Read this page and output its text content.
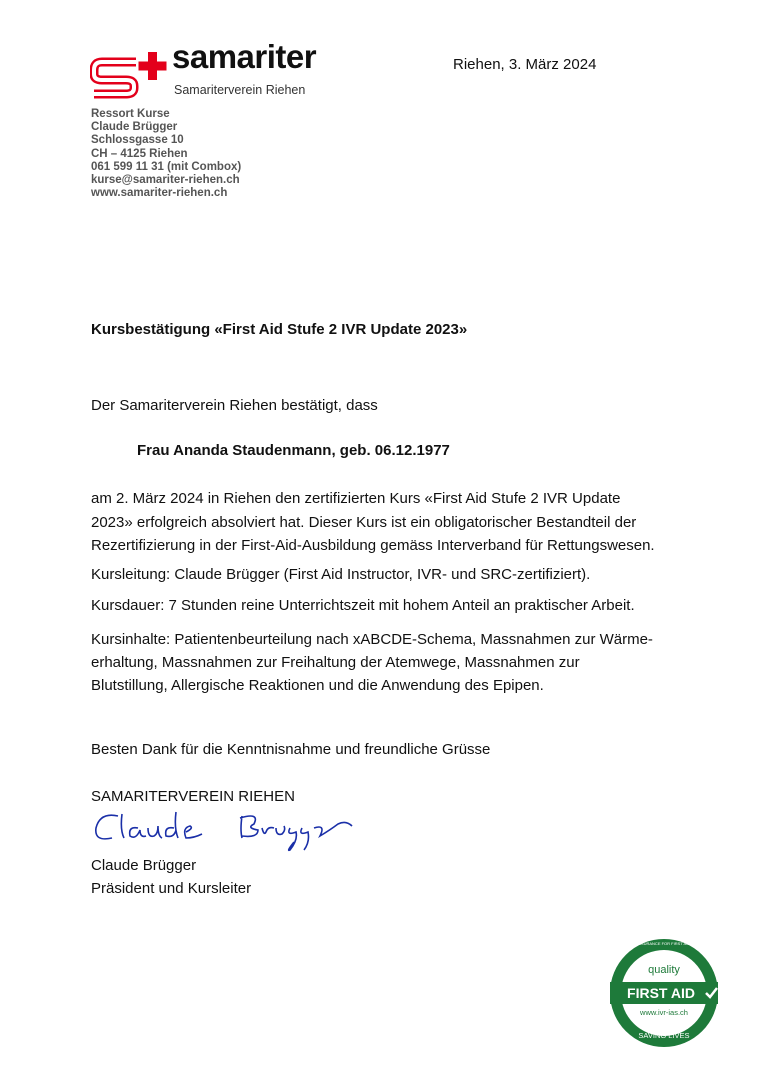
samariter
Samariterverein Riehen
Riehen, 3. März 2024
Ressort Kurse
Claude Brügger
Schlossgasse 10
CH – 4125 Riehen
061 599 11 31 (mit Combox)
kurse@samariter-riehen.ch
www.samariter-riehen.ch
Kursbestätigung «First Aid Stufe 2 IVR Update 2023»
Der Samariterverein Riehen bestätigt, dass
Frau Ananda Staudenmann, geb. 06.12.1977
am 2. März 2024 in Riehen den zertifizierten Kurs «First Aid Stufe 2 IVR Update
2023» erfolgreich absolviert hat. Dieser Kurs ist ein obligatorischer Bestandteil der
Rezertifizierung in der First-Aid-Ausbildung gemäss Interverband für Rettungswesen.
Kursleitung: Claude Brügger (First Aid Instructor, IVR- und SRC-zertifiziert).
Kursdauer: 7 Stunden reine Unterrichtszeit mit hohem Anteil an praktischer Arbeit.
Kursinhalte: Patientenbeurteilung nach xABCDE-Schema, Massnahmen zur Wärme-
erhaltung, Massnahmen zur Freihaltung der Atemwege, Massnahmen zur
Blutstillung, Allergische Reaktionen und die Anwendung des Epipen.
Besten Dank für die Kenntnisnahme und freundliche Grüsse
SAMARITERVEREIN RIEHEN
Claude Brügger
Präsident und Kursleiter
quality
FIRST AID
www.ivr-ias.ch
SAVING LIVES
QUALITY ASSURANCE FOR FIRST AID TRAINING
